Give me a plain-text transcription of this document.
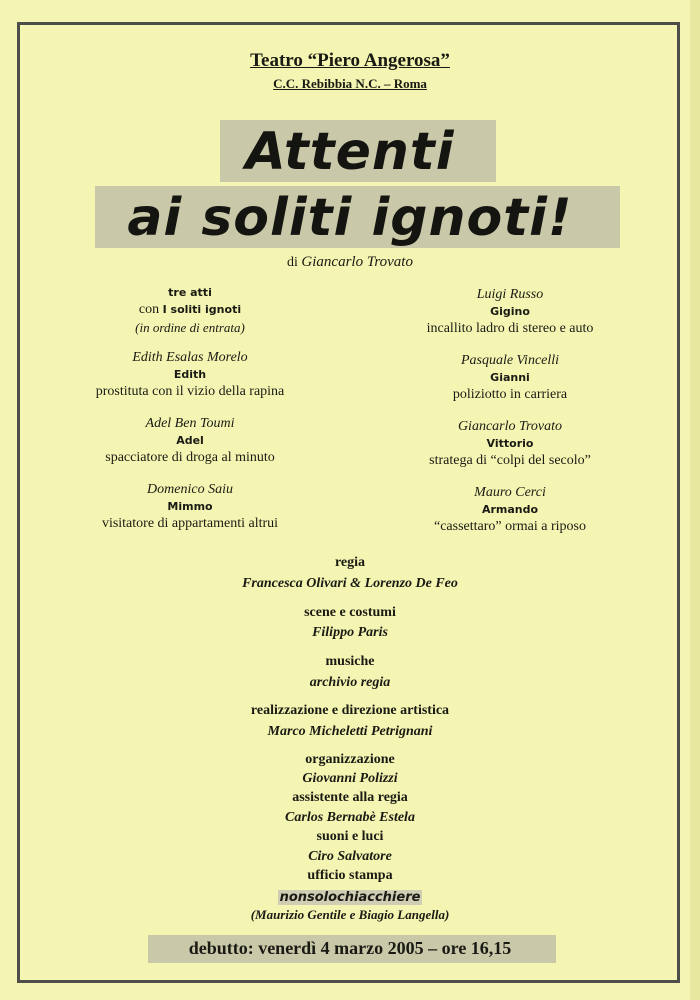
Teatro “Piero Angerosa”
C.C. Rebibbia N.C. – Roma
Attenti
ai soliti ignoti!
di Giancarlo Trovato
tre atti
con I soliti ignoti
(in ordine di entrata)
Edith Esalas Morelo
Edith
prostituta con il vizio della rapina
Adel Ben Toumi
Adel
spacciatore di droga al minuto
Domenico Saiu
Mimmo
visitatore di appartamenti altrui
Luigi Russo
Gigino
incallito ladro di stereo e auto
Pasquale Vincelli
Gianni
poliziotto in carriera
Giancarlo Trovato
Vittorio
stratega di “colpi del secolo”
Mauro Cerci
Armando
“cassettaro” ormai a riposo
regia
Francesca Olivari & Lorenzo De Feo
scene e costumi
Filippo Paris
musiche
archivio regia
realizzazione e direzione artistica
Marco Micheletti Petrignani
organizzazione
Giovanni Polizzi
assistente alla regia
Carlos Bernabè Estela
suoni e luci
Ciro Salvatore
ufficio stampa
nonsolochiacchiere
(Maurizio Gentile e Biagio Langella)
debutto: venerdì 4 marzo 2005 – ore 16,15
